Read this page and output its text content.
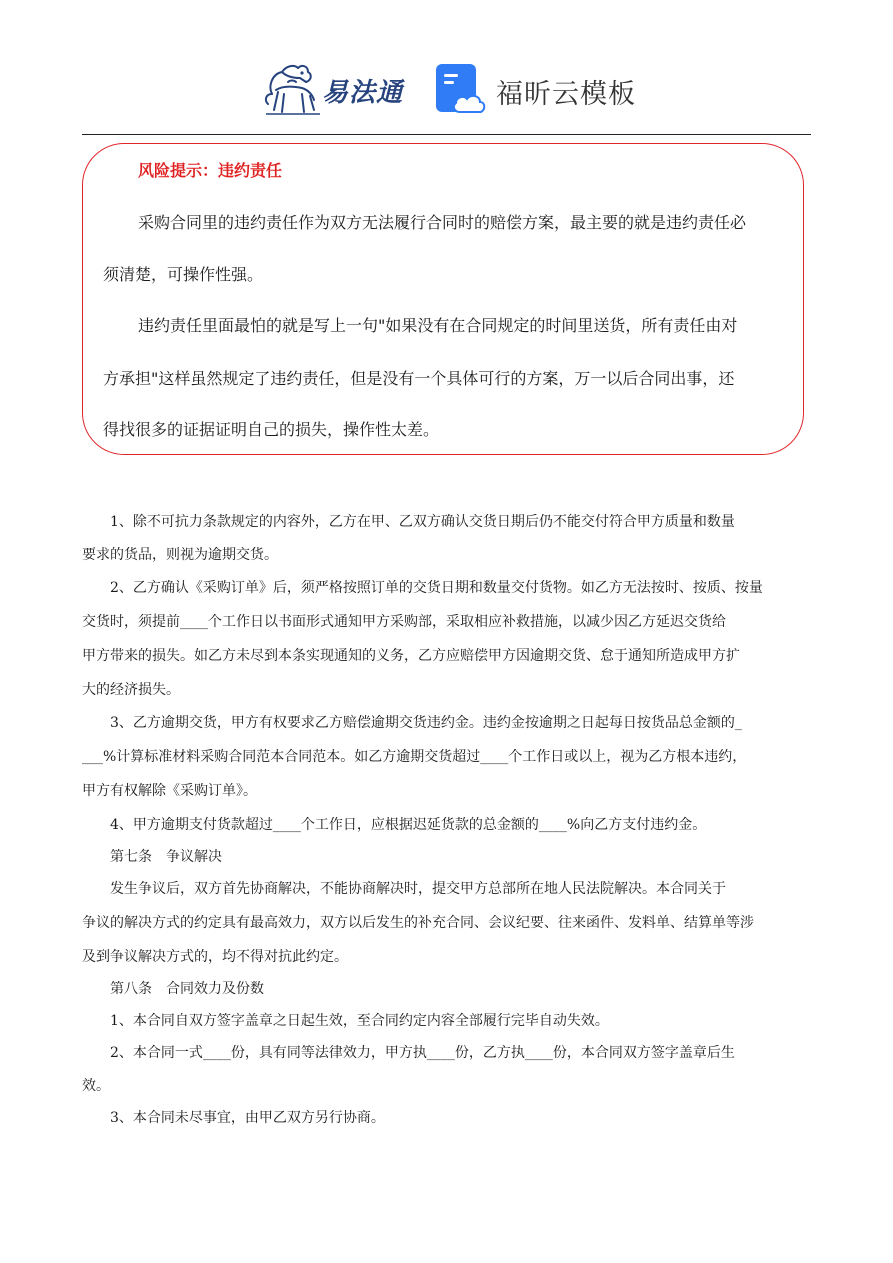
易法通	福昕云模板
风险提示：违约责任
采购合同里的违约责任作为双方无法履行合同时的赔偿方案，最主要的就是违约责任必
须清楚，可操作性强。
违约责任里面最怕的就是写上一句"如果没有在合同规定的时间里送货，所有责任由对
方承担"这样虽然规定了违约责任，但是没有一个具体可行的方案，万一以后合同出事，还
得找很多的证据证明自己的损失，操作性太差。
1、除不可抗力条款规定的内容外，乙方在甲、乙双方确认交货日期后仍不能交付符合甲方质量和数量
要求的货品，则视为逾期交货。
2、乙方确认《采购订单》后，须严格按照订单的交货日期和数量交付货物。如乙方无法按时、按质、按量
交货时，须提前____个工作日以书面形式通知甲方采购部，采取相应补救措施，以减少因乙方延迟交货给
甲方带来的损失。如乙方未尽到本条实现通知的义务，乙方应赔偿甲方因逾期交货、怠于通知所造成甲方扩
大的经济损失。
3、乙方逾期交货，甲方有权要求乙方赔偿逾期交货违约金。违约金按逾期之日起每日按货品总金额的_
___%计算标准材料采购合同范本合同范本。如乙方逾期交货超过____个工作日或以上，视为乙方根本违约，
甲方有权解除《采购订单》。
4、甲方逾期支付货款超过____个工作日，应根据迟延货款的总金额的____%向乙方支付违约金。
第七条　争议解决
发生争议后，双方首先协商解决，不能协商解决时，提交甲方总部所在地人民法院解决。本合同关于
争议的解决方式的约定具有最高效力，双方以后发生的补充合同、会议纪要、往来函件、发料单、结算单等涉
及到争议解决方式的，均不得对抗此约定。
第八条　合同效力及份数
1、本合同自双方签字盖章之日起生效，至合同约定内容全部履行完毕自动失效。
2、本合同一式____份，具有同等法律效力，甲方执____份，乙方执____份，本合同双方签字盖章后生
效。
3、本合同未尽事宜，由甲乙双方另行协商。
